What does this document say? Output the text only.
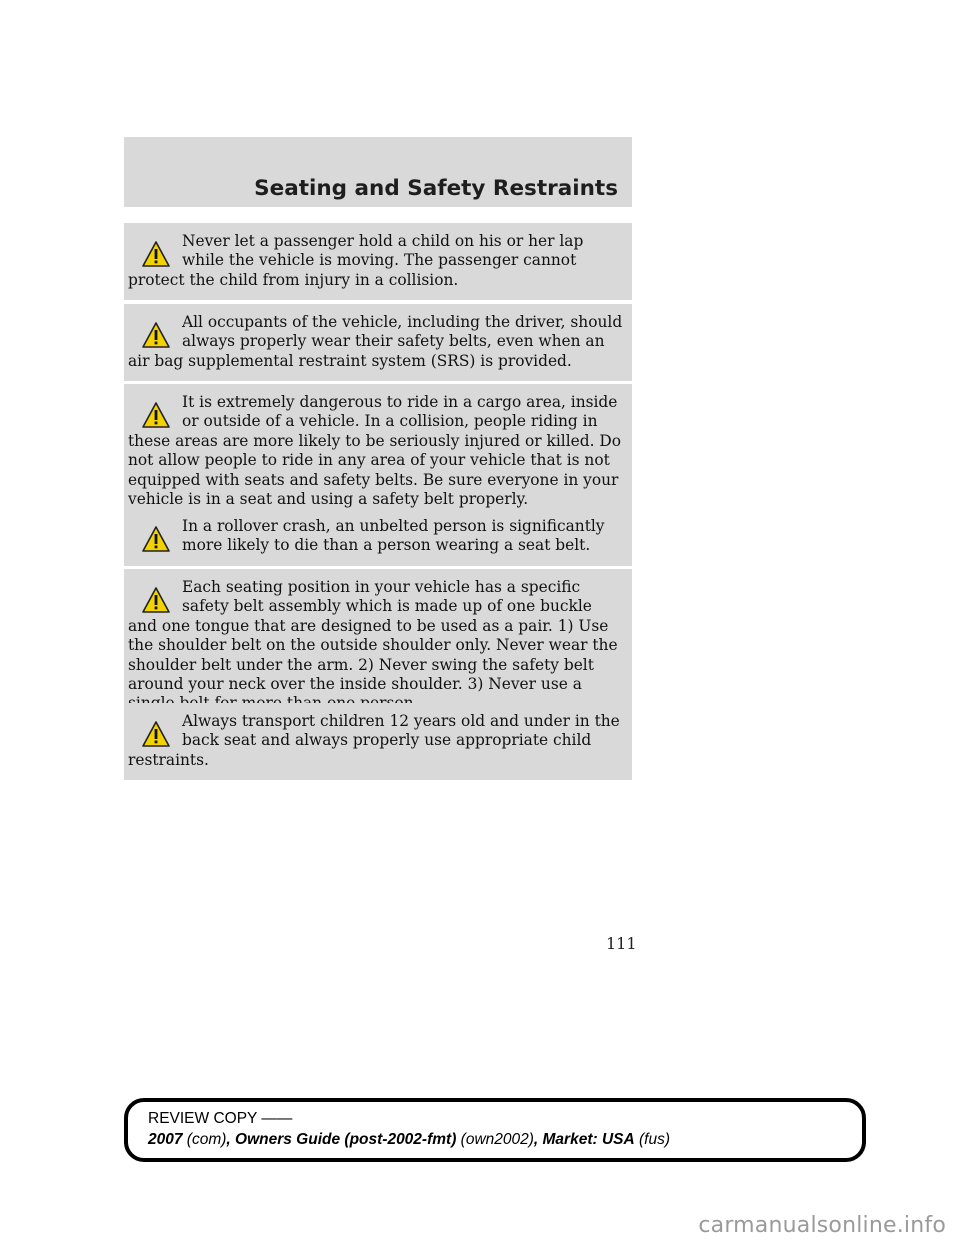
Seating and Safety Restraints

Never let a passenger hold a child on his or her lap while the vehicle is moving. The passenger cannot protect the child from injury in a collision.

All occupants of the vehicle, including the driver, should always properly wear their safety belts, even when an air bag supplemental restraint system (SRS) is provided.

It is extremely dangerous to ride in a cargo area, inside or outside of a vehicle. In a collision, people riding in these areas are more likely to be seriously injured or killed. Do not allow people to ride in any area of your vehicle that is not equipped with seats and safety belts. Be sure everyone in your vehicle is in a seat and using a safety belt properly.

In a rollover crash, an unbelted person is significantly more likely to die than a person wearing a seat belt.

Each seating position in your vehicle has a specific safety belt assembly which is made up of one buckle and one tongue that are designed to be used as a pair. 1) Use the shoulder belt on the outside shoulder only. Never wear the shoulder belt under the arm. 2) Never swing the safety belt around your neck over the inside shoulder. 3) Never use a

Always transport children 12 years old and under in the back seat and always properly use appropriate child restraints.

111
REVIEW COPY ——
2007 (com), Owners Guide (post-2002-fmt) (own2002), Market: USA (fus)
carmanualsonline.info
